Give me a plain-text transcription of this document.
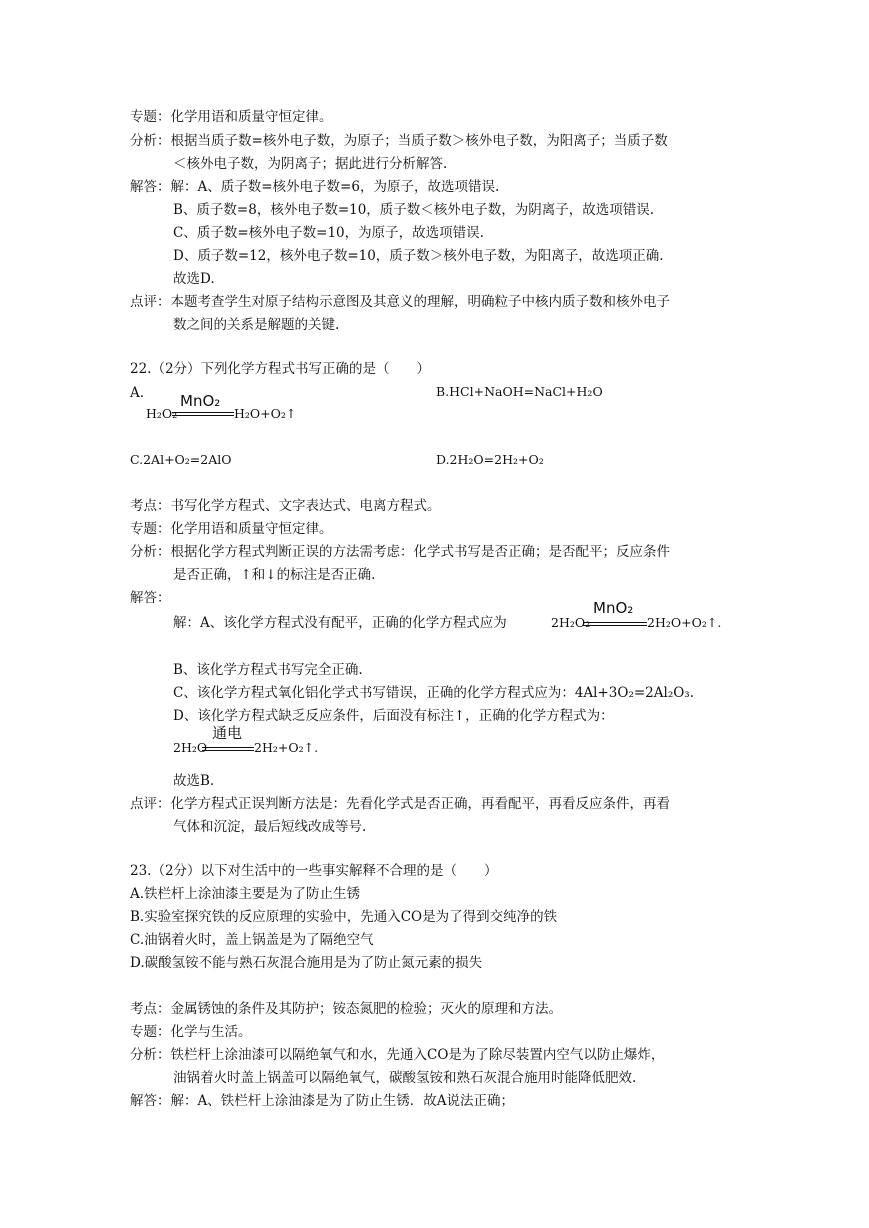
专题：化学用语和质量守恒定律。
分析：根据当质子数=核外电子数，为原子；当质子数＞核外电子数，为阳离子；当质子数
＜核外电子数，为阴离子；据此进行分析解答.
解答：解：A、质子数=核外电子数=6，为原子，故选项错误.
B、质子数=8，核外电子数=10，质子数＜核外电子数，为阴离子，故选项错误.
C、质子数=核外电子数=10，为原子，故选项错误.
D、质子数=12，核外电子数=10，质子数＞核外电子数，为阳离子，故选项正确.
故选D.
点评：本题考查学生对原子结构示意图及其意义的理解，明确粒子中核内质子数和核外电子
数之间的关系是解题的关键.
22.（2分）下列化学方程式书写正确的是（　　）
A. MnO₂
H₂O₂	H₂O+O₂↑
B.HCl+NaOH=NaCl+H₂O
C.2Al+O₂=2AlO	D.2H₂O=2H₂+O₂
考点：书写化学方程式、文字表达式、电离方程式。
专题：化学用语和质量守恒定律。
分析：根据化学方程式判断正误的方法需考虑：化学式书写是否正确；是否配平；反应条件
是否正确，↑和↓的标注是否正确.
解答：
解：A、该化学方程式没有配平，正确的化学方程式应为	2H₂O₂
MnO₂
2H₂O+O₂↑.
B、该化学方程式书写完全正确.
C、该化学方程式氧化铝化学式书写错误，正确的化学方程式应为：4Al+3O₂=2Al₂O₃.
D、该化学方程式缺乏反应条件，后面没有标注↑，正确的化学方程式为：
2H₂O
通电
2H₂+O₂↑.
故选B.
点评：化学方程式正误判断方法是：先看化学式是否正确，再看配平，再看反应条件，再看
气体和沉淀，最后短线改成等号.
23.（2分）以下对生活中的一些事实解释不合理的是（　　）
A.铁栏杆上涂油漆主要是为了防止生锈
B.实验室探究铁的反应原理的实验中，先通入CO是为了得到交纯净的铁
C.油锅着火时，盖上锅盖是为了隔绝空气
D.碳酸氢铵不能与熟石灰混合施用是为了防止氮元素的损失
考点：金属锈蚀的条件及其防护；铵态氮肥的检验；灭火的原理和方法。
专题：化学与生活。
分析：铁栏杆上涂油漆可以隔绝氧气和水，先通入CO是为了除尽装置内空气以防止爆炸，
油锅着火时盖上锅盖可以隔绝氧气，碳酸氢铵和熟石灰混合施用时能降低肥效.
解答：解：A、铁栏杆上涂油漆是为了防止生锈．故A说法正确；
